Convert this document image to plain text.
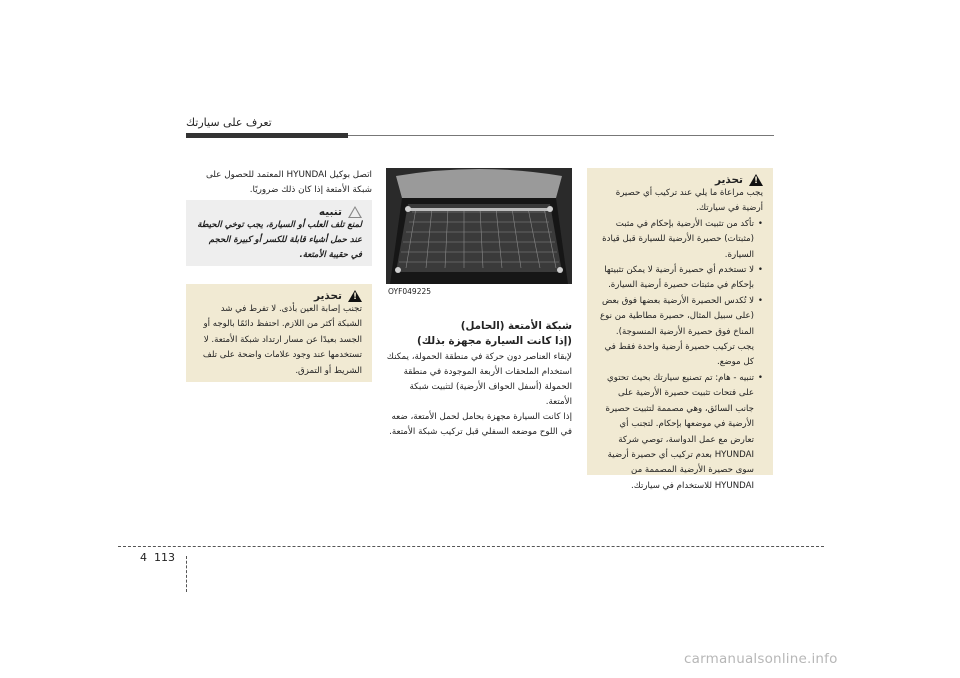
تعرف على سيارتك
تحذير !

يجب مراعاة ما يلي عند تركيب أي حصيرة أرضية في سيارتك.

• تأكد من تثبيت الأرضية بإحكام في مثبت (مثبتات) حصيرة الأرضية للسيارة قبل قيادة السيارة.

• لا تستخدم أي حصيرة أرضية لا يمكن تثبيتها بإحكام في مثبتات حصيرة أرضية السيارة.

• لا تُكدس الحصيرة الأرضية بعضها فوق بعض (على سبيل المثال، حصيرة مطاطية من نوع المناخ فوق حصيرة الأرضية المنسوجة). يجب تركيب حصيرة أرضية واحدة فقط في كل موضع.

• تنبيه - هام: تم تصنيع سيارتك بحيث تحتوي على فتحات تثبيت حصيرة الأرضية على جانب السائق، وهي مصممة لتثبيت حصيرة الأرضية في موضعها بإحكام. لتجنب أي تعارض مع عمل الدواسة، توصي شركة HYUNDAI بعدم تركيب أي حصيرة أرضية سوى حصيرة الأرضية المصممة من HYUNDAI للاستخدام في سيارتك.

OYF049225
شبكة الأمتعة (الحامل)
(إذا كانت السيارة مجهزة بذلك)

لإبقاء العناصر دون حركة في منطقة الحمولة، يمكنك استخدام الملحقات الأربعة الموجودة في منطقة الحمولة (أسفل الحواف الأرضية) لتثبيت شبكة الأمتعة.

إذا كانت السيارة مجهزة بحامل لحمل الأمتعة، ضعه في اللوح موضعه السفلي قبل تركيب شبكة الأمتعة.

اتصل بوكيل HYUNDAI المعتمد للحصول على شبكة الأمتعة إذا كان ذلك ضروريًا.
تنبيه
لمنع تلف العلب أو السيارة، يجب توخي الحيطة عند حمل أشياء قابلة للكسر أو كبيرة الحجم في حقيبة الأمتعة.
تحذير !

تجنب إصابة العين بأذى. لا تفرط في شد الشبكة أكثر من اللازم. احتفظ دائمًا بالوجه أو الجسد بعيدًا عن مسار ارتداد شبكة الأمتعة. لا تستخدمها عند وجود علامات واضحة على تلف الشريط أو التمزق.

4 113
carmanualsonline.info
